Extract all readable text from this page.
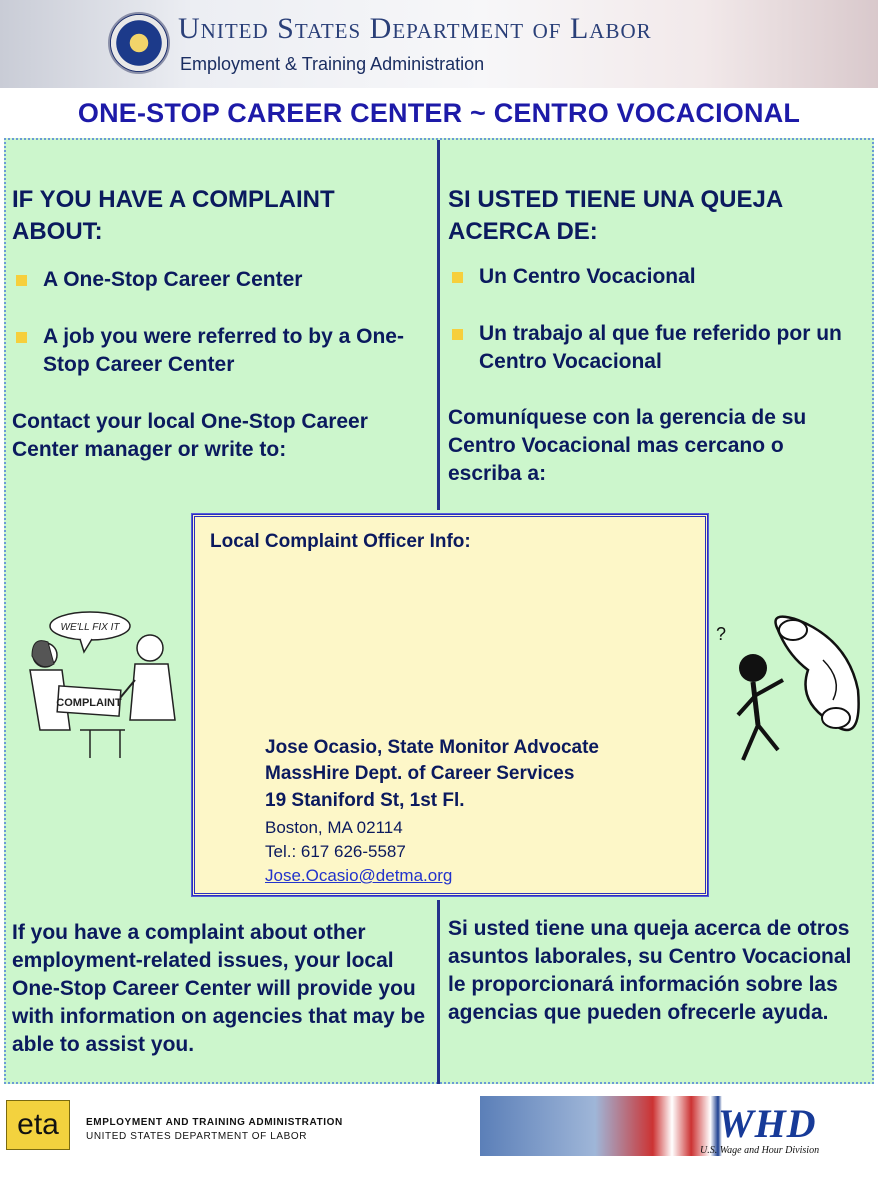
United States Department of Labor
Employment & Training Administration
ONE-STOP CAREER CENTER ~ CENTRO VOCACIONAL
IF YOU HAVE A COMPLAINT ABOUT:
A One-Stop Career Center
A job you were referred to by a One-Stop Career Center
Contact your local One-Stop Career Center manager or write to:
If you have a complaint about other employment-related issues, your local One-Stop Career Center will provide you with information on agencies that may be able to assist you.
SI USTED TIENE UNA QUEJA ACERCA DE:
Un Centro Vocacional
Un trabajo al que fue referido por un Centro Vocacional
Comuníquese con la gerencia de su Centro Vocacional mas cercano o escriba a:
Si usted tiene una queja acerca de otros asuntos laborales, su Centro Vocacional le proporcionará información sobre las agencias que pueden ofrecerle ayuda.
Local Complaint Officer Info:
Jose Ocasio, State Monitor Advocate
MassHire Dept. of Career Services
19 Staniford St, 1st Fl.
Boston, MA 02114
Tel.: 617 626-5587
Jose.Ocasio@detma.org
WE'LL FIX IT
COMPLAINT
?
eta	EMPLOYMENT AND TRAINING ADMINISTRATION
UNITED STATES DEPARTMENT OF LABOR	WHD
U.S. Wage and Hour Division
